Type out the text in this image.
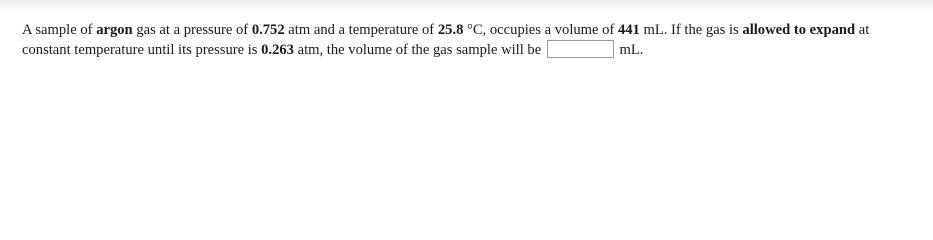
A sample of argon gas at a pressure of 0.752 atm and a temperature of 25.8 °C, occupies a volume of 441 mL. If the gas is allowed to expand at
constant temperature until its pressure is 0.263 atm, the volume of the gas sample will be	mL.
